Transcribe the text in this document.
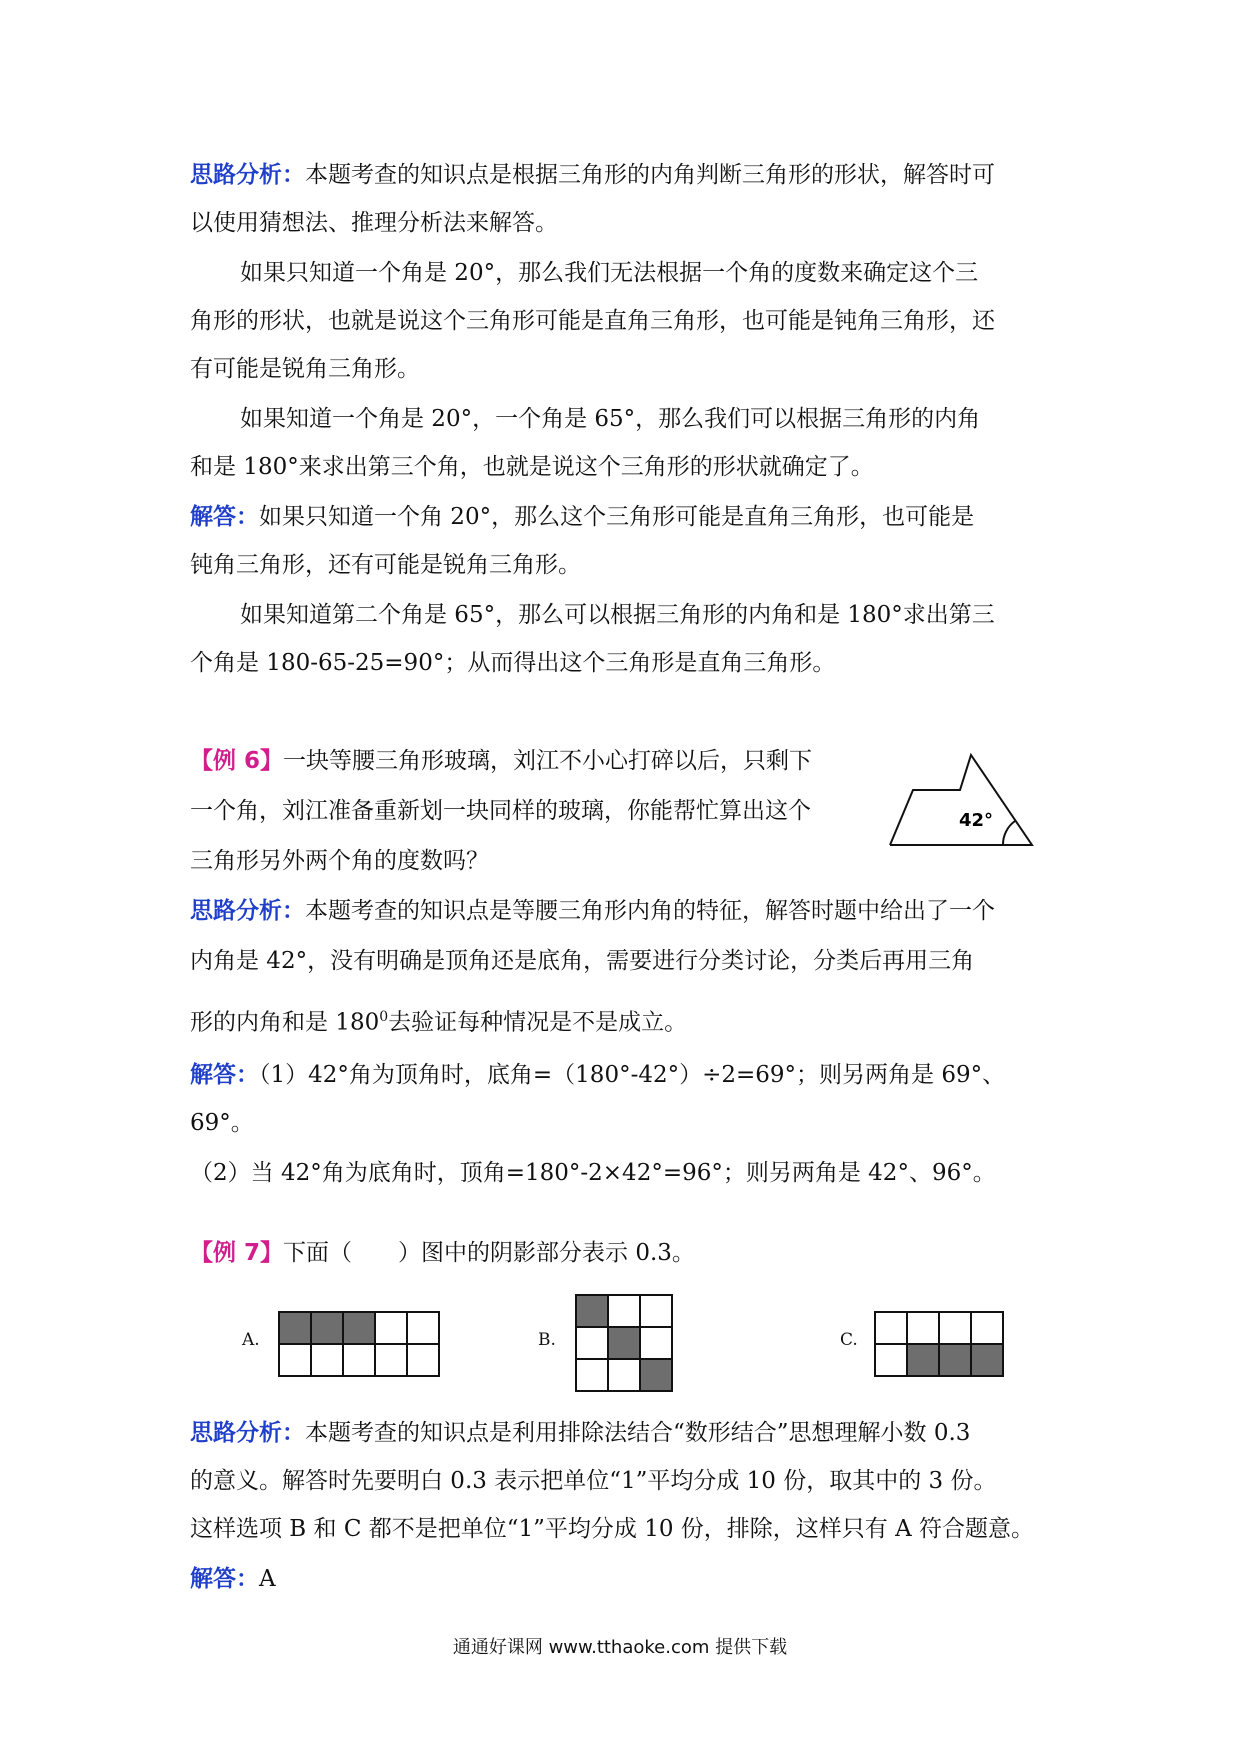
思路分析：本题考查的知识点是根据三角形的内角判断三角形的形状，解答时可

以使用猜想法、推理分析法来解答。

如果只知道一个角是 20°，那么我们无法根据一个角的度数来确定这个三

角形的形状，也就是说这个三角形可能是直角三角形，也可能是钝角三角形，还

有可能是锐角三角形。

如果知道一个角是 20°，一个角是 65°，那么我们可以根据三角形的内角

和是 180°来求出第三个角，也就是说这个三角形的形状就确定了。

解答：如果只知道一个角 20°，那么这个三角形可能是直角三角形，也可能是

钝角三角形，还有可能是锐角三角形。

如果知道第二个角是 65°，那么可以根据三角形的内角和是 180°求出第三

个角是 180-65-25=90°；从而得出这个三角形是直角三角形。

【例 6】一块等腰三角形玻璃，刘江不小心打碎以后，只剩下

一个角，刘江准备重新划一块同样的玻璃，你能帮忙算出这个

三角形另外两个角的度数吗？

42°

思路分析：本题考查的知识点是等腰三角形内角的特征，解答时题中给出了一个

内角是 42°，没有明确是顶角还是底角，需要进行分类讨论，分类后再用三角

形的内角和是 $180^0$去验证每种情况是不是成立。

解答：（1）42°角为顶角时，底角=（180°-42°）÷2=69°；则另两角是 69°、

69°。

（2）当 42°角为底角时，顶角=180°-2×42°=96°；则另两角是 42°、96°。

【例 7】下面（　　）图中的阴影部分表示 0.3。

A.

					B.

			C.

思路分析：本题考查的知识点是利用排除法结合“数形结合”思想理解小数 0.3

的意义。解答时先要明白 0.3 表示把单位“1”平均分成 10 份，取其中的 3 份。

这样选项 B 和 C 都不是把单位“1”平均分成 10 份，排除，这样只有 A 符合题意。

解答：A

通通好课网 www.tthaoke.com 提供下载
